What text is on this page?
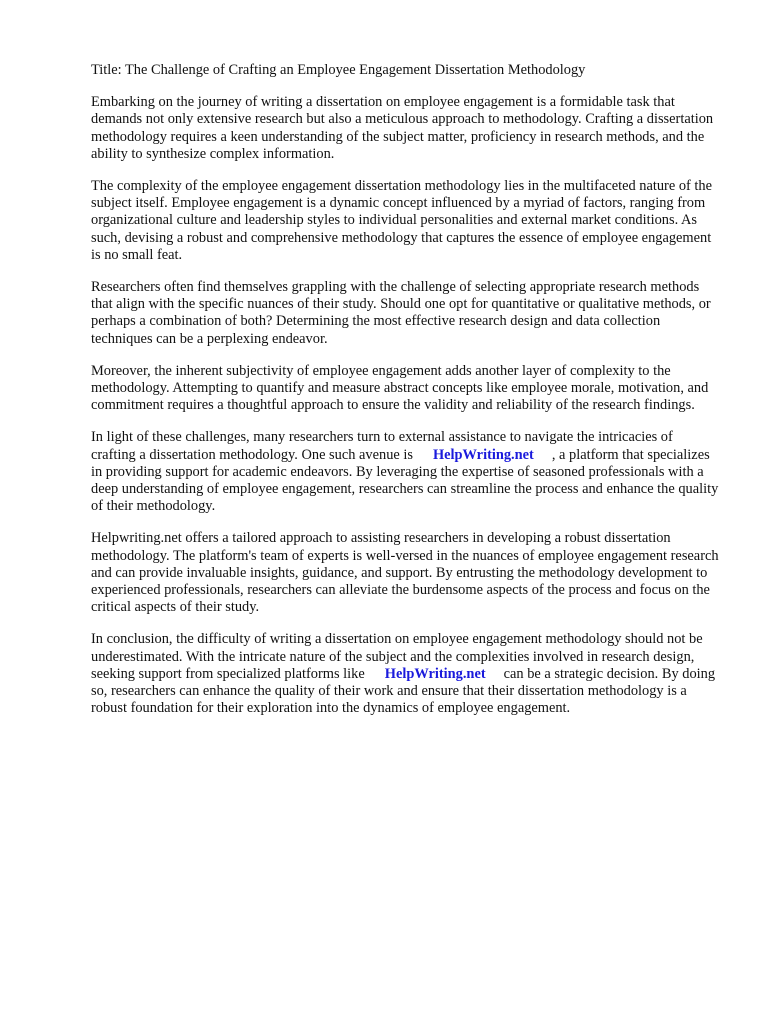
Title: The Challenge of Crafting an Employee Engagement Dissertation Methodology

Embarking on the journey of writing a dissertation on employee engagement is a formidable task that demands not only extensive research but also a meticulous approach to methodology. Crafting a dissertation methodology requires a keen understanding of the subject matter, proficiency in research methods, and the ability to synthesize complex information.

The complexity of the employee engagement dissertation methodology lies in the multifaceted nature of the subject itself. Employee engagement is a dynamic concept influenced by a myriad of factors, ranging from organizational culture and leadership styles to individual personalities and external market conditions. As such, devising a robust and comprehensive methodology that captures the essence of employee engagement is no small feat.

Researchers often find themselves grappling with the challenge of selecting appropriate research methods that align with the specific nuances of their study. Should one opt for quantitative or qualitative methods, or perhaps a combination of both? Determining the most effective research design and data collection techniques can be a perplexing endeavor.

Moreover, the inherent subjectivity of employee engagement adds another layer of complexity to the methodology. Attempting to quantify and measure abstract concepts like employee morale, motivation, and commitment requires a thoughtful approach to ensure the validity and reliability of the research findings.

In light of these challenges, many researchers turn to external assistance to navigate the intricacies of crafting a dissertation methodology. One such avenue is HelpWriting.net , a platform that specializes in providing support for academic endeavors. By leveraging the expertise of seasoned professionals with a deep understanding of employee engagement, researchers can streamline the process and enhance the quality of their methodology.

Helpwriting.net offers a tailored approach to assisting researchers in developing a robust dissertation methodology. The platform's team of experts is well-versed in the nuances of employee engagement research and can provide invaluable insights, guidance, and support. By entrusting the methodology development to experienced professionals, researchers can alleviate the burdensome aspects of the process and focus on the critical aspects of their study.

In conclusion, the difficulty of writing a dissertation on employee engagement methodology should not be underestimated. With the intricate nature of the subject and the complexities involved in research design, seeking support from specialized platforms like HelpWriting.net can be a strategic decision. By doing so, researchers can enhance the quality of their work and ensure that their dissertation methodology is a robust foundation for their exploration into the dynamics of employee engagement.
